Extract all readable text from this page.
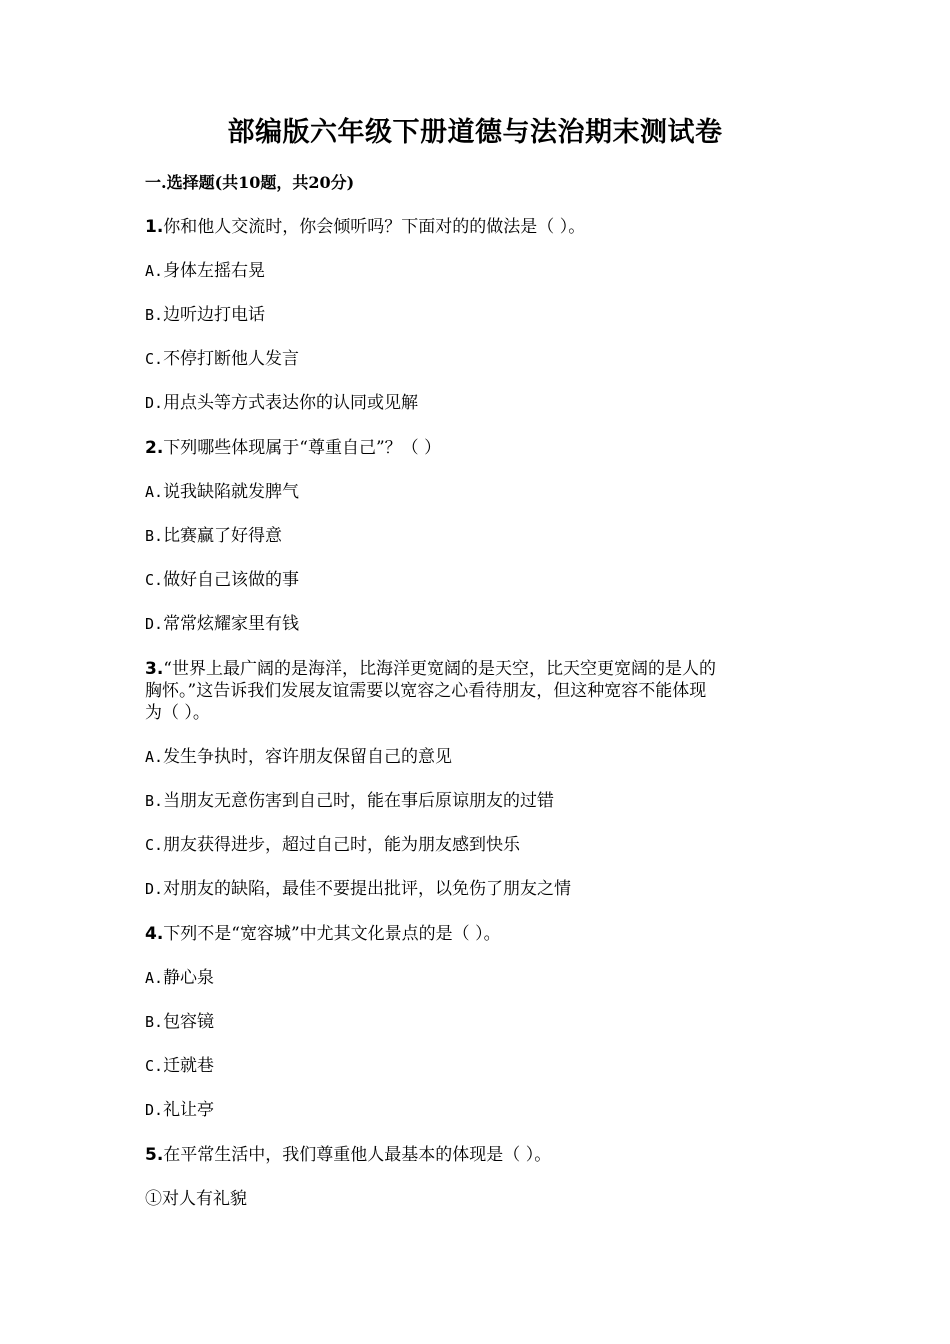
部编版六年级下册道德与法治期末测试卷
一.选择题(共10题，共20分)
1.你和他人交流时，你会倾听吗？下面对的的做法是（ ）。
A.身体左摇右晃
B.边听边打电话
C.不停打断他人发言
D.用点头等方式表达你的认同或见解
2.下列哪些体现属于“尊重自己”？（ ）
A.说我缺陷就发脾气
B.比赛赢了好得意
C.做好自己该做的事
D.常常炫耀家里有钱
3.“世界上最广阔的是海洋，比海洋更宽阔的是天空，比天空更宽阔的是人的
胸怀。”这告诉我们发展友谊需要以宽容之心看待朋友，但这种宽容不能体现
为（ ）。
A.发生争执时，容许朋友保留自己的意见
B.当朋友无意伤害到自己时，能在事后原谅朋友的过错
C.朋友获得进步，超过自己时，能为朋友感到快乐
D.对朋友的缺陷，最佳不要提出批评，以免伤了朋友之情
4.下列不是“宽容城”中尤其文化景点的是（ ）。
A.静心泉
B.包容镜
C.迁就巷
D.礼让亭
5.在平常生活中，我们尊重他人最基本的体现是（ ）。
①对人有礼貌
